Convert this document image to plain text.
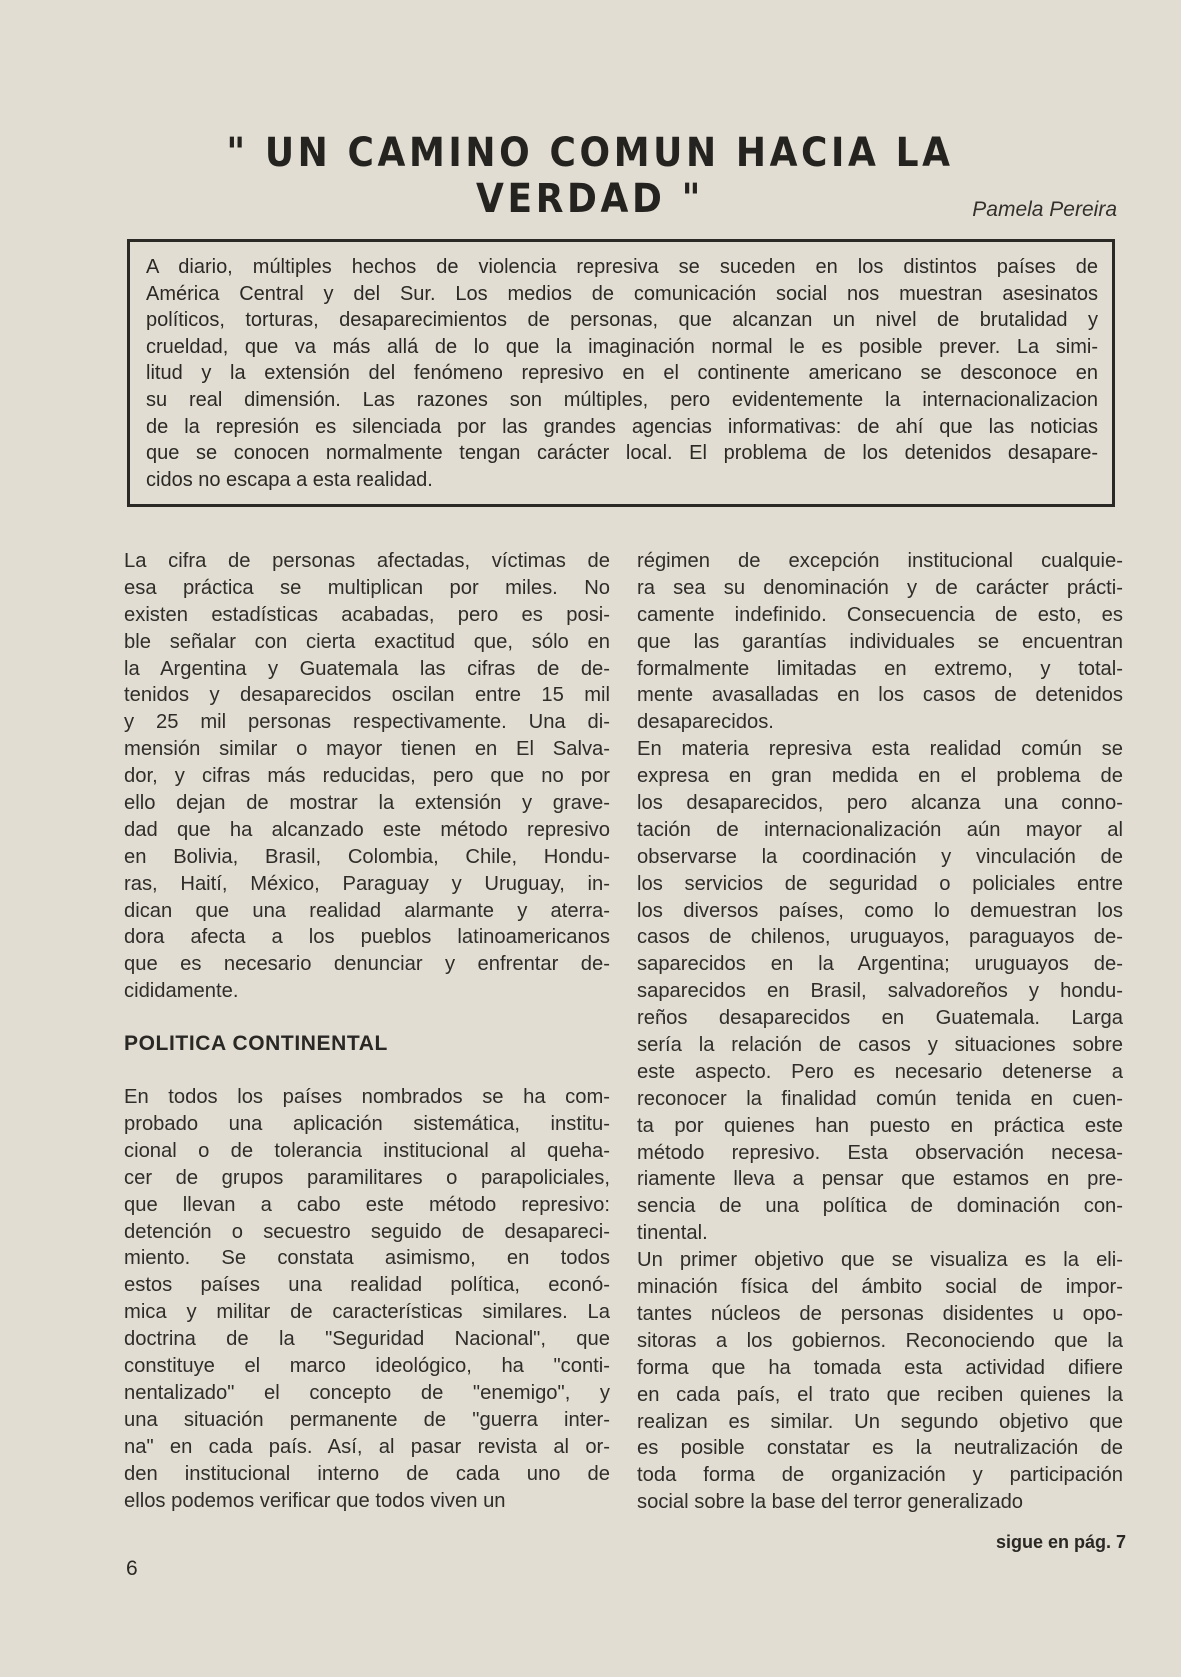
" UN CAMINO COMUN HACIA LA VERDAD "	Pamela Pereira
A diario, múltiples hechos de violencia represiva se suceden en los distintos países de
América Central y del Sur. Los medios de comunicación social nos muestran asesinatos
políticos, torturas, desaparecimientos de personas, que alcanzan un nivel de brutalidad y
crueldad, que va más allá de lo que la imaginación normal le es posible prever. La simi-
litud y la extensión del fenómeno represivo en el continente americano se desconoce en
su real dimensión. Las razones son múltiples, pero evidentemente la internacionalizacion
de la represión es silenciada por las grandes agencias informativas: de ahí que las noticias
que se conocen normalmente tengan carácter local. El problema de los detenidos desapare-
cidos no escapa a esta realidad.
La cifra de personas afectadas, víctimas de
esa práctica se multiplican por miles. No
existen estadísticas acabadas, pero es posi-
ble señalar con cierta exactitud que, sólo en
la Argentina y Guatemala las cifras de de-
tenidos y desaparecidos oscilan entre 15 mil
y 25 mil personas respectivamente. Una di-
mensión similar o mayor tienen en El Salva-
dor, y cifras más reducidas, pero que no por
ello dejan de mostrar la extensión y grave-
dad que ha alcanzado este método represivo
en Bolivia, Brasil, Colombia, Chile, Hondu-
ras, Haití, México, Paraguay y Uruguay, in-
dican que una realidad alarmante y aterra-
dora afecta a los pueblos latinoamericanos
que es necesario denunciar y enfrentar de-
cididamente.
POLITICA CONTINENTAL
En todos los países nombrados se ha com-
probado una aplicación sistemática, institu-
cional o de tolerancia institucional al queha-
cer de grupos paramilitares o parapoliciales,
que llevan a cabo este método represivo:
detención o secuestro seguido de desapareci-
miento. Se constata asimismo, en todos
estos países una realidad política, econó-
mica y militar de características similares. La
doctrina de la "Seguridad Nacional", que
constituye el marco ideológico, ha "conti-
nentalizado" el concepto de "enemigo", y
una situación permanente de "guerra inter-
na" en cada país. Así, al pasar revista al or-
den institucional interno de cada uno de
ellos podemos verificar que todos viven un
régimen de excepción institucional cualquie-
ra sea su denominación y de carácter prácti-
camente indefinido. Consecuencia de esto, es
que las garantías individuales se encuentran
formalmente limitadas en extremo, y total-
mente avasalladas en los casos de detenidos
desaparecidos.
En materia represiva esta realidad común se
expresa en gran medida en el problema de
los desaparecidos, pero alcanza una conno-
tación de internacionalización aún mayor al
observarse la coordinación y vinculación de
los servicios de seguridad o policiales entre
los diversos países, como lo demuestran los
casos de chilenos, uruguayos, paraguayos de-
saparecidos en la Argentina; uruguayos de-
saparecidos en Brasil, salvadoreños y hondu-
reños desaparecidos en Guatemala. Larga
sería la relación de casos y situaciones sobre
este aspecto. Pero es necesario detenerse a
reconocer la finalidad común tenida en cuen-
ta por quienes han puesto en práctica este
método represivo. Esta observación necesa-
riamente lleva a pensar que estamos en pre-
sencia de una política de dominación con-
tinental.
Un primer objetivo que se visualiza es la eli-
minación física del ámbito social de impor-
tantes núcleos de personas disidentes u opo-
sitoras a los gobiernos. Reconociendo que la
forma que ha tomada esta actividad difiere
en cada país, el trato que reciben quienes la
realizan es similar. Un segundo objetivo que
es posible constatar es la neutralización de
toda forma de organización y participación
social sobre la base del terror generalizado
sigue en pág. 7
6
